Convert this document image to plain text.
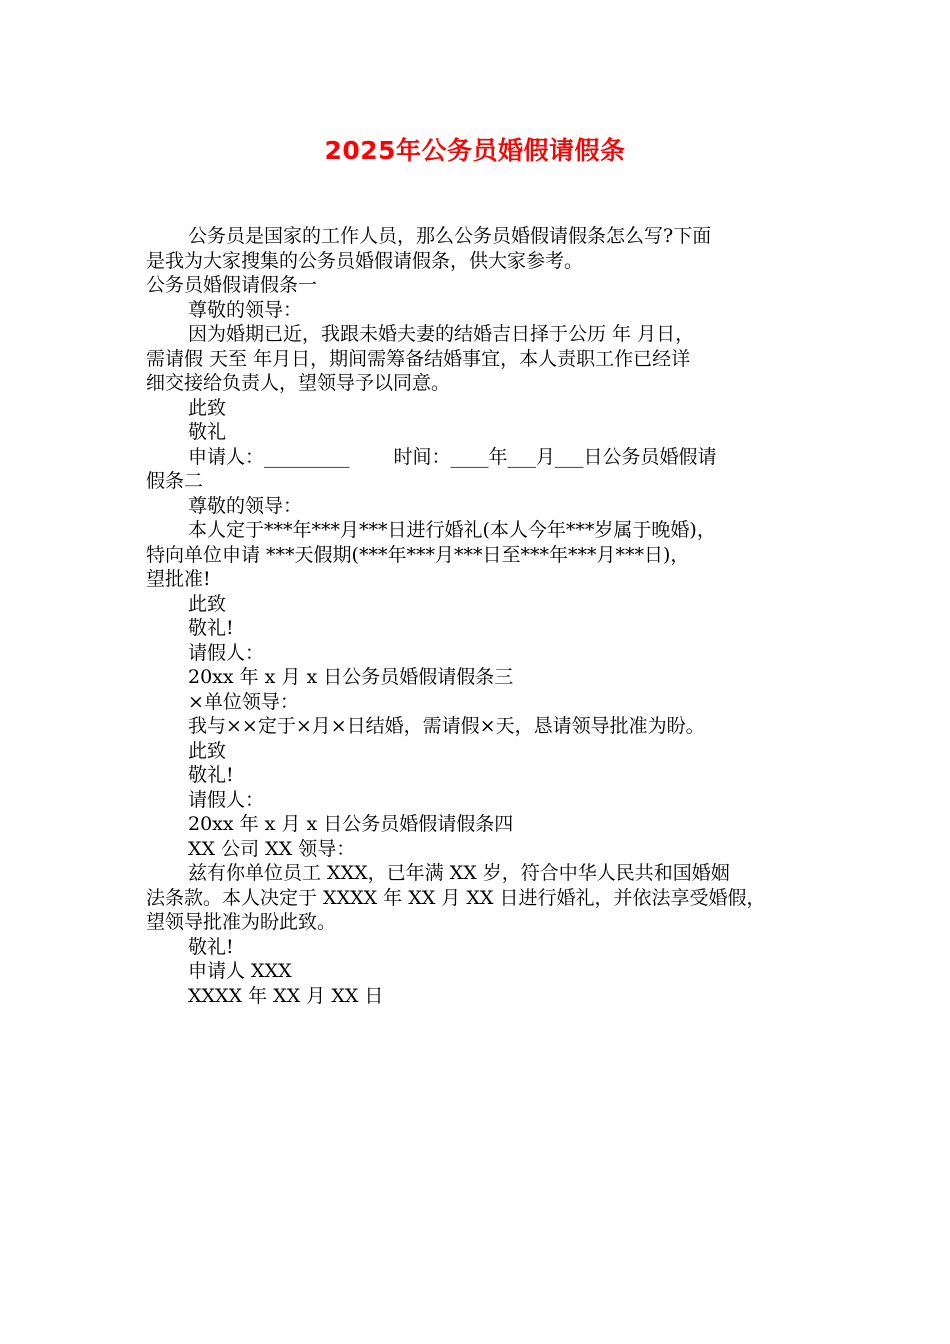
2025年公务员婚假请假条
公务员是国家的工作人员，那么公务员婚假请假条怎么写?下面
是我为大家搜集的公务员婚假请假条，供大家参考。
公务员婚假请假条一
尊敬的领导：
因为婚期已近，我跟未婚夫妻的结婚吉日择于公历 年 月日，
需请假 天至 年月日，期间需筹备结婚事宜，本人责职工作已经详
细交接给负责人，望领导予以同意。
此致
敬礼
申请人：_________ 时间：____年___月___日公务员婚假请
假条二
尊敬的领导：
本人定于***年***月***日进行婚礼(本人今年***岁属于晚婚)，
特向单位申请 ***天假期(***年***月***日至***年***月***日)，
望批准!
此致
敬礼!
请假人：
20xx 年 x 月 x 日公务员婚假请假条三
×单位领导：
我与××定于×月×日结婚，需请假×天，恳请领导批准为盼。
此致
敬礼!
请假人：
20xx 年 x 月 x 日公务员婚假请假条四
XX 公司 XX 领导：
兹有你单位员工 XXX，已年满 XX 岁，符合中华人民共和国婚姻
法条款。本人决定于 XXXX 年 XX 月 XX 日进行婚礼，并依法享受婚假，
望领导批准为盼此致。
敬礼!
申请人 XXX
XXXX 年 XX 月 XX 日
